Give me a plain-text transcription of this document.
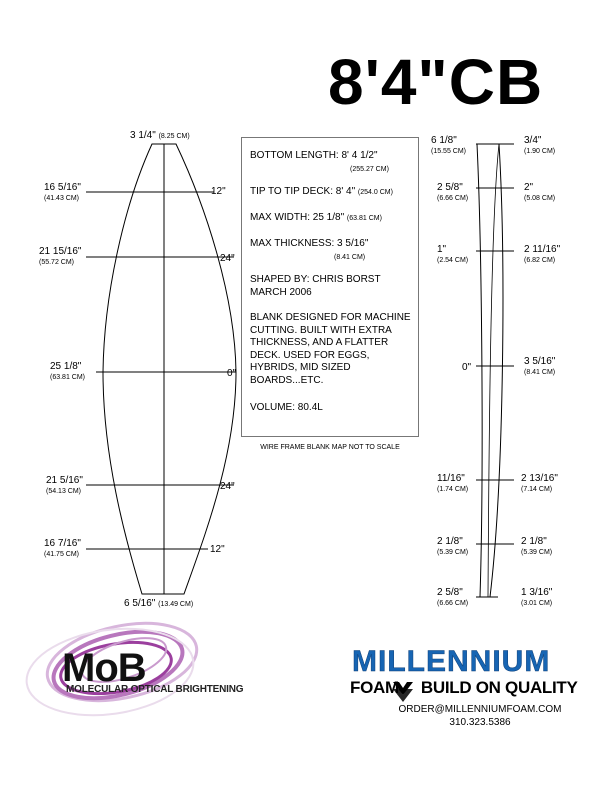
8'4"CB
3 1/4" (8.25 CM)
6 5/16" (13.49 CM)
16 5/16"
(41.43 CM)
12"
21 15/16"
(55.72 CM)	24"
25 1/8"
(63.81 CM)	0"
21 5/16"
(54.13 CM)	24"
16 7/16"
(41.75 CM)	12"

BOTTOM LENGTH: 8' 4 1/2"

(255.27 CM)

TIP TO TIP DECK: 8' 4" (254.0 CM)

MAX WIDTH: 25 1/8" (63.81 CM)

MAX THICKNESS: 3 5/16"

(8.41 CM)

SHAPED BY: CHRIS BORST

MARCH 2006

BLANK DESIGNED FOR MACHINE CUTTING. BUILT WITH EXTRA THICKNESS, AND A FLATTER DECK. USED FOR EGGS, HYBRIDS, MID SIZED BOARDS...ETC.

VOLUME: 80.4L

WIRE FRAME BLANK MAP NOT TO SCALE
6 1/8"
(15.55 CM)
3/4"
(1.90 CM)
2 5/8"
(6.66 CM)
2"
(5.08 CM)
1"
(2.54 CM)
2 11/16"
(6.82 CM)
0"
3 5/16"
(8.41 CM)
11/16"
(1.74 CM)
2 13/16"
(7.14 CM)
2 1/8"
(5.39 CM)
2 1/8"
(5.39 CM)
2 5/8"
(6.66 CM)
1 3/16"
(3.01 CM)
MoB
MOLECULAR OPTICAL BRIGHTENING
MILLENNIUM
FOAM BUILD ON QUALITY
ORDER@MILLENNIUMFOAM.COM
310.323.5386
